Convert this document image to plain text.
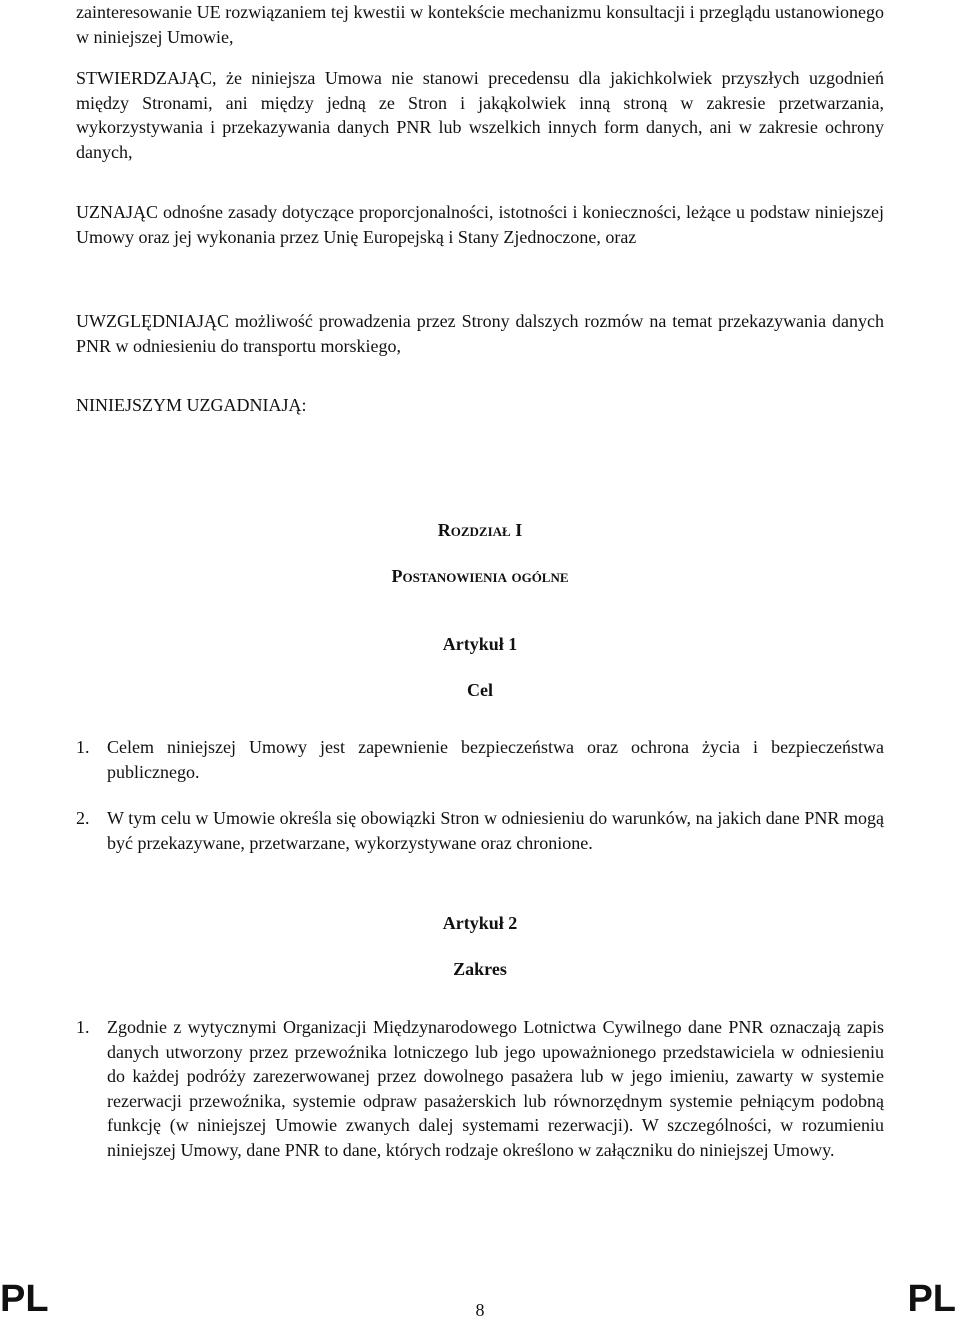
zainteresowanie UE rozwiązaniem tej kwestii w kontekście mechanizmu konsultacji i przeglądu ustanowionego w niniejszej Umowie,

STWIERDZAJĄC, że niniejsza Umowa nie stanowi precedensu dla jakichkolwiek przyszłych uzgodnień między Stronami, ani między jedną ze Stron i jakąkolwiek inną stroną w zakresie przetwarzania, wykorzystywania i przekazywania danych PNR lub wszelkich innych form danych, ani w zakresie ochrony danych,

UZNAJĄC odnośne zasady dotyczące proporcjonalności, istotności i konieczności, leżące u podstaw niniejszej Umowy oraz jej wykonania przez Unię Europejską i Stany Zjednoczone, oraz

UWZGLĘDNIAJĄC możliwość prowadzenia przez Strony dalszych rozmów na temat przekazywania danych PNR w odniesieniu do transportu morskiego,

NINIEJSZYM UZGADNIAJĄ:

Rozdział I

Postanowienia ogólne

Artykuł 1

Cel

1. Celem niniejszej Umowy jest zapewnienie bezpieczeństwa oraz ochrona życia i bezpieczeństwa publicznego.
2. W tym celu w Umowie określa się obowiązki Stron w odniesieniu do warunków, na jakich dane PNR mogą być przekazywane, przetwarzane, wykorzystywane oraz chronione.

Artykuł 2

Zakres

1. Zgodnie z wytycznymi Organizacji Międzynarodowego Lotnictwa Cywilnego dane PNR oznaczają zapis danych utworzony przez przewoźnika lotniczego lub jego upoważnionego przedstawiciela w odniesieniu do każdej podróży zarezerwowanej przez dowolnego pasażera lub w jego imieniu, zawarty w systemie rezerwacji przewoźnika, systemie odpraw pasażerskich lub równorzędnym systemie pełniącym podobną funkcję (w niniejszej Umowie zwanych dalej systemami rezerwacji). W szczególności, w rozumieniu niniejszej Umowy, dane PNR to dane, których rodzaje określono w załączniku do niniejszej Umowy.
PL	8	PL
